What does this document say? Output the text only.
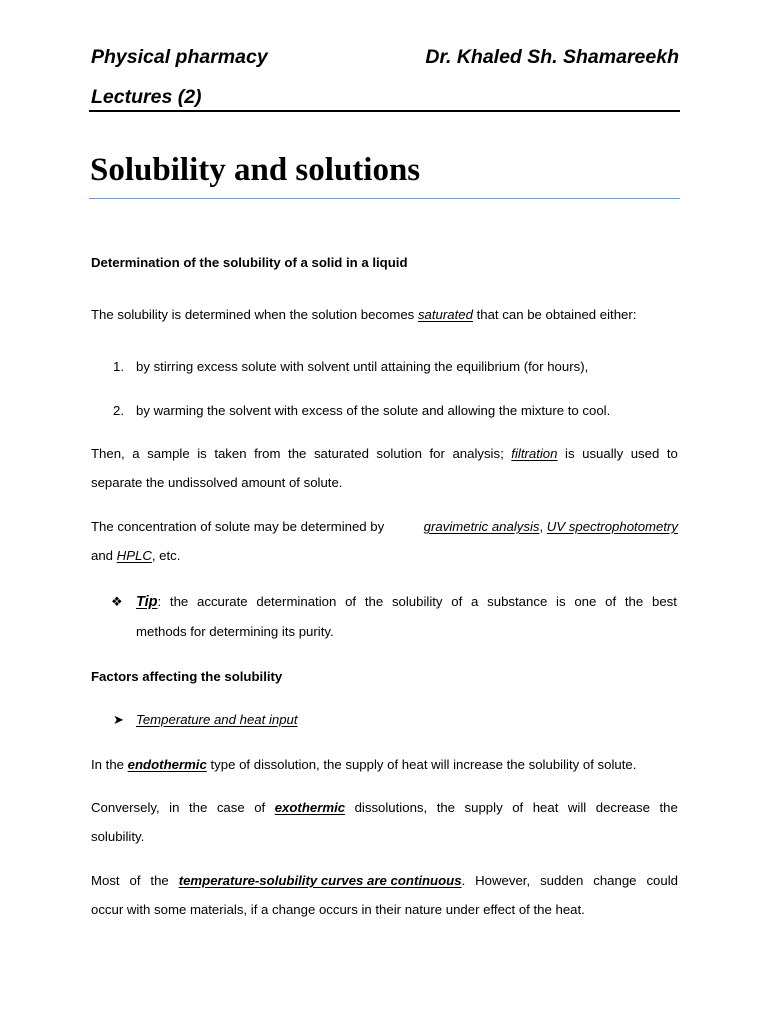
Physical pharmacy	Dr. Khaled Sh. Shamareekh
Lectures (2)
Solubility and solutions
Determination of the solubility of a solid in a liquid
The solubility is determined when the solution becomes saturated that can be obtained either:
1. by stirring excess solute with solvent until attaining the equilibrium (for hours),
2. by warming the solvent with excess of the solute and allowing the mixture to cool.
Then, a sample is taken from the saturated solution for analysis; filtration is usually used to
separate the undissolved amount of solute.
The concentration of solute may be determined by	gravimetric analysis, UV spectrophotometry
and HPLC, etc.
❖ Tip: the accurate determination of the solubility of a substance is one of the best
methods for determining its purity.
Factors affecting the solubility
➤ Temperature and heat input
In the endothermic type of dissolution, the supply of heat will increase the solubility of solute.
Conversely, in the case of exothermic dissolutions, the supply of heat will decrease the
solubility.
Most of the temperature-solubility curves are continuous. However, sudden change could
occur with some materials, if a change occurs in their nature under effect of the heat.
